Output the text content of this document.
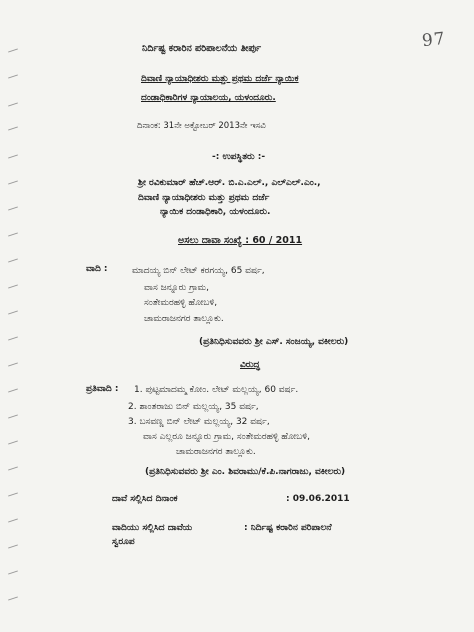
97
ನಿರ್ದಿಷ್ಟ ಕರಾರಿನ ಪರಿಪಾಲನೆಯ ತೀರ್ಪು
ದಿವಾಣಿ ನ್ಯಾಯಾಧೀಶರು ಮತ್ತು ಪ್ರಥಮ ದರ್ಜೆ ನ್ಯಾಯಿಕ
ದಂಡಾಧಿಕಾರಿಗಳ ನ್ಯಾಯಾಲಯ, ಯಳಂದೂರು.
ದಿನಾಂಕ: 31ನೇ ಅಕ್ಟೋಬರ್ 2013ನೇ ಇಸವಿ
-: ಉಪಸ್ಥಿತರು :-
ಶ್ರೀ ರವಿಕುಮಾರ್ ಹೆಚ್.ಆರ್. ಬಿ.ಎ.ಎಲ್., ಎಲ್ಎಲ್.ಎಂ.,
ದಿವಾಣಿ ನ್ಯಾಯಾಧೀಶರು ಮತ್ತು ಪ್ರಥಮ ದರ್ಜೆ
ನ್ಯಾಯಿಕ ದಂಡಾಧಿಕಾರಿ, ಯಳಂದೂರು.
ಅಸಲು ದಾವಾ ಸಂಖ್ಯೆ : 60 / 2011
ವಾದಿ :	ಮಾದಯ್ಯ ಬಿನ್ ಲೇಟ್ ಕರಗಯ್ಯ, 65 ವರ್ಷ,
ವಾಸ ಜನ್ನೂರು ಗ್ರಾಮ,
ಸಂತೇಮರಹಳ್ಳಿ ಹೋಬಳಿ,
ಚಾಮರಾಜನಗರ ತಾಲ್ಲೂಕು.
(ಪ್ರತಿನಿಧಿಸುವವರು ಶ್ರೀ ಎಸ್. ಸಂಜಯ್ಯ, ವಕೀಲರು)
ವಿರುದ್ಧ
ಪ್ರತಿವಾದಿ : 1. ಪುಟ್ಟಮಾದಮ್ಮ ಕೋಂ. ಲೇಟ್ ಮಲ್ಲಯ್ಯ, 60 ವರ್ಷ.
2. ಶಾಂತರಾಜು ಬಿನ್ ಮಲ್ಲಯ್ಯ, 35 ವರ್ಷ,
3. ಬಸವಣ್ಣ ಬಿನ್ ಲೇಟ್ ಮಲ್ಲಯ್ಯ, 32 ವರ್ಷ,
ವಾಸ ಎಲ್ಲರೂ ಜನ್ನೂರು ಗ್ರಾಮ, ಸಂತೇಮರಹಳ್ಳಿ ಹೋಬಳಿ,
ಚಾಮರಾಜನಗರ ತಾಲ್ಲೂಕು.
(ಪ್ರತಿನಿಧಿಸುವವರು ಶ್ರೀ ಎಂ. ಶಿವರಾಮು/ಕೆ.ಪಿ.ನಾಗರಾಜು, ವಕೀಲರು)
ದಾವೆ ಸಲ್ಲಿಸಿದ ದಿನಾಂಕ	: 09.06.2011
ವಾದಿಯು ಸಲ್ಲಿಸಿದ ದಾವೆಯ
ಸ್ವರೂಪ
: ನಿರ್ದಿಷ್ಟ ಕರಾರಿನ ಪರಿಪಾಲನೆ
